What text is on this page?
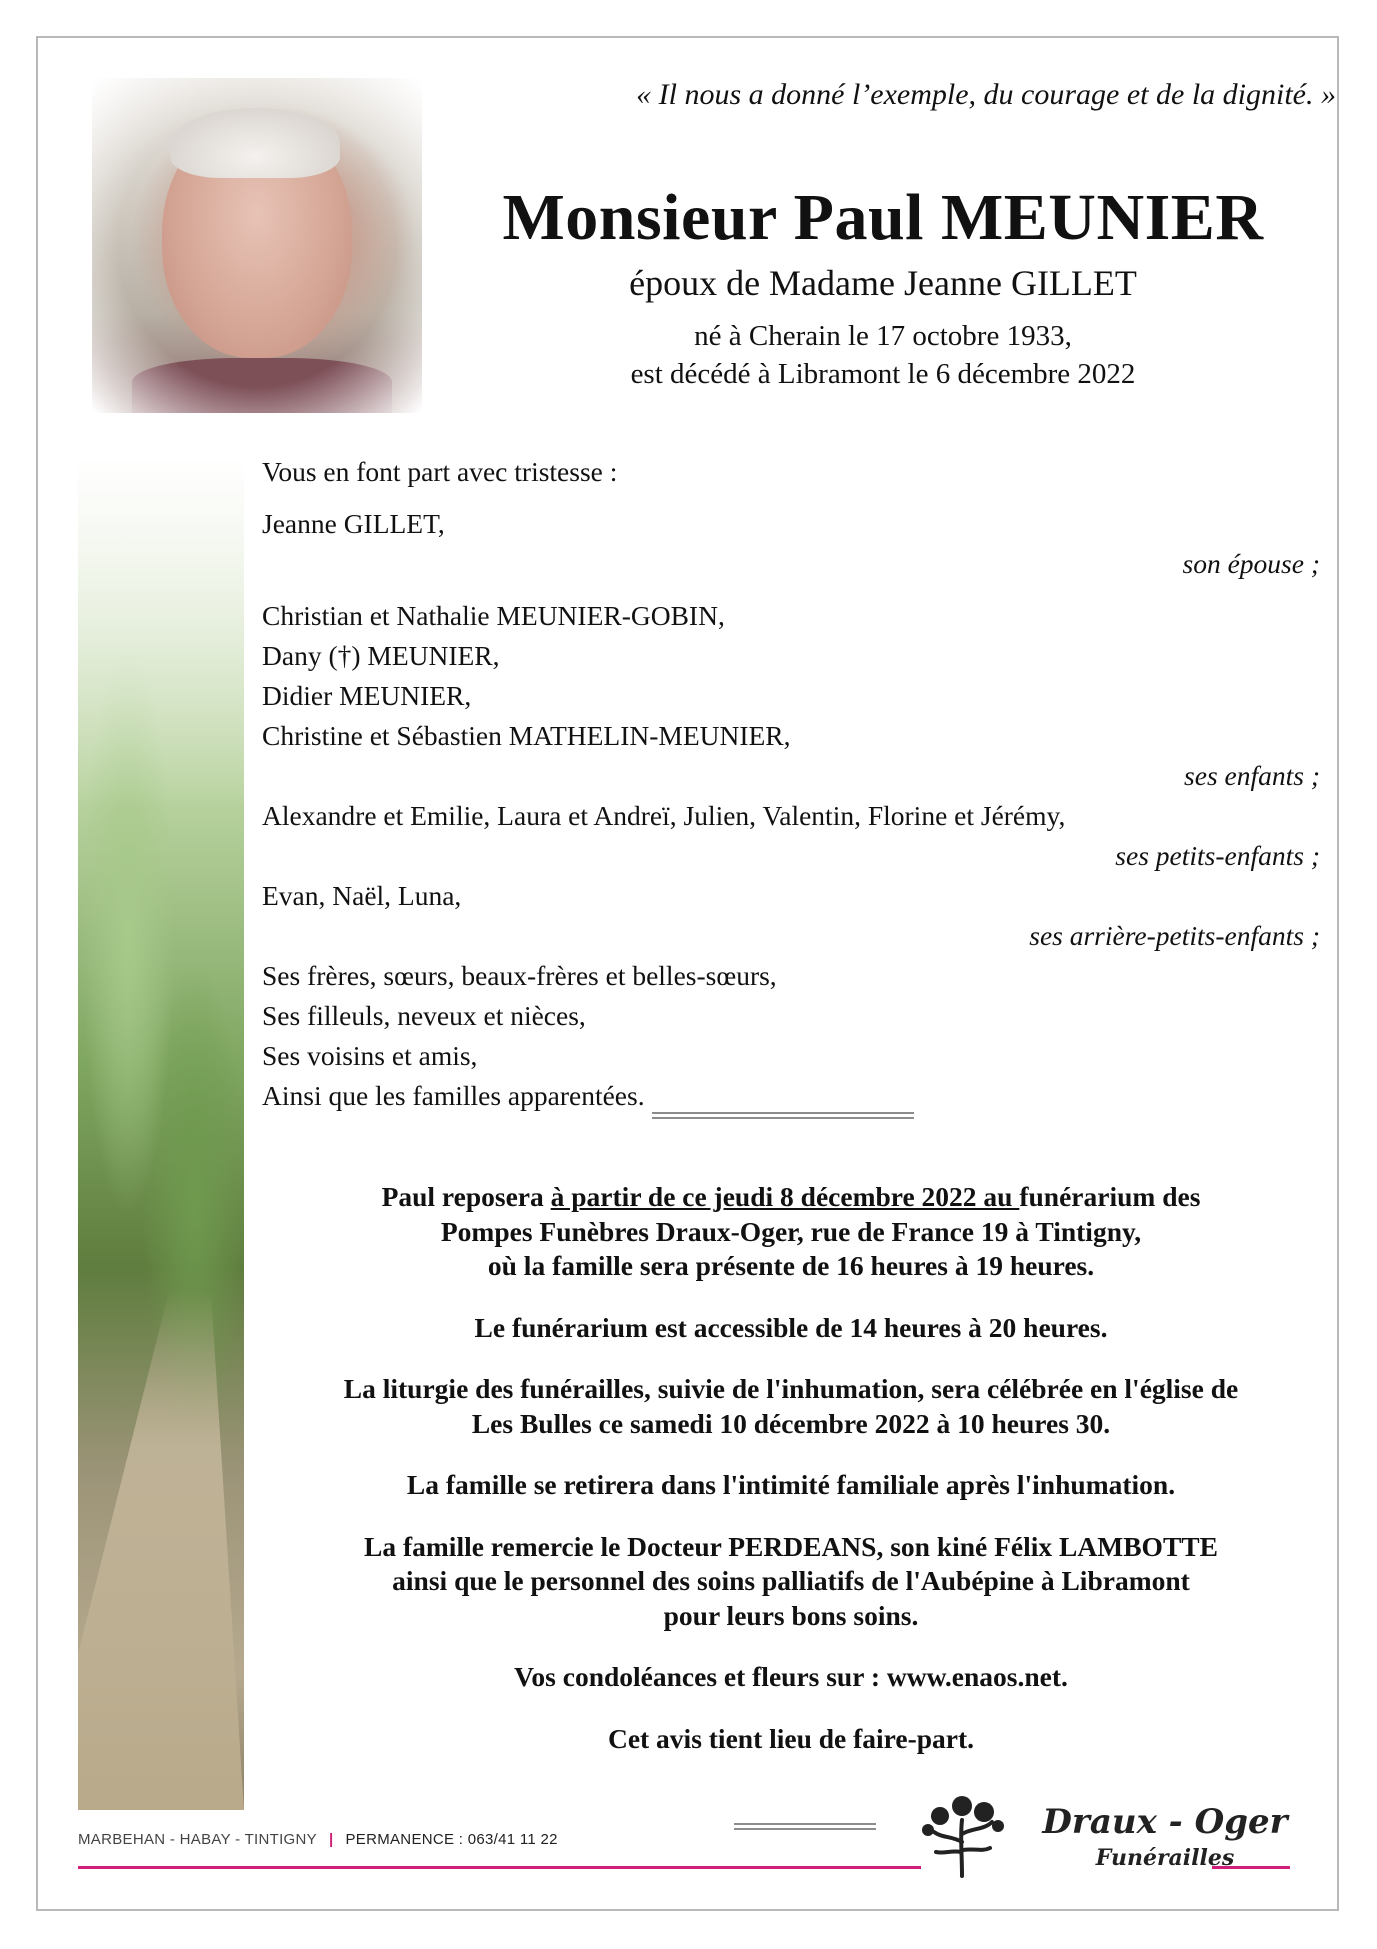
« Il nous a donné l’exemple, du courage et de la dignité. »
Monsieur Paul MEUNIER
époux de Madame Jeanne GILLET
né à Cherain le 17 octobre 1933,
est décédé à Libramont le 6 décembre 2022

Vous en font part avec tristesse :

Jeanne GILLET,

son épouse ;

Christian et Nathalie MEUNIER-GOBIN,

Dany (†) MEUNIER,

Didier MEUNIER,

Christine et Sébastien MATHELIN-MEUNIER,

ses enfants ;

Alexandre et Emilie, Laura et Andreï, Julien, Valentin, Florine et Jérémy,

ses petits-enfants ;

Evan, Naël, Luna,

ses arrière-petits-enfants ;

Ses frères, sœurs, beaux-frères et belles-sœurs,

Ses filleuls, neveux et nièces,

Ses voisins et amis,

Ainsi que les familles apparentées.

Paul reposera à partir de ce jeudi 8 décembre 2022 au funérarium des
Pompes Funèbres Draux-Oger, rue de France 19 à Tintigny,
où la famille sera présente de 16 heures à 19 heures.

Le funérarium est accessible de 14 heures à 20 heures.

La liturgie des funérailles, suivie de l'inhumation, sera célébrée en l'église de
Les Bulles ce samedi 10 décembre 2022 à 10 heures 30.

La famille se retirera dans l'intimité familiale après l'inhumation.

La famille remercie le Docteur PERDEANS, son kiné Félix LAMBOTTE
ainsi que le personnel des soins palliatifs de l'Aubépine à Libramont
pour leurs bons soins.

Vos condoléances et fleurs sur : www.enaos.net.

Cet avis tient lieu de faire-part.

MARBEHAN - HABAY - TINTIGNY | PERMANENCE : 063/41 11 22	Draux - Oger
Funérailles
